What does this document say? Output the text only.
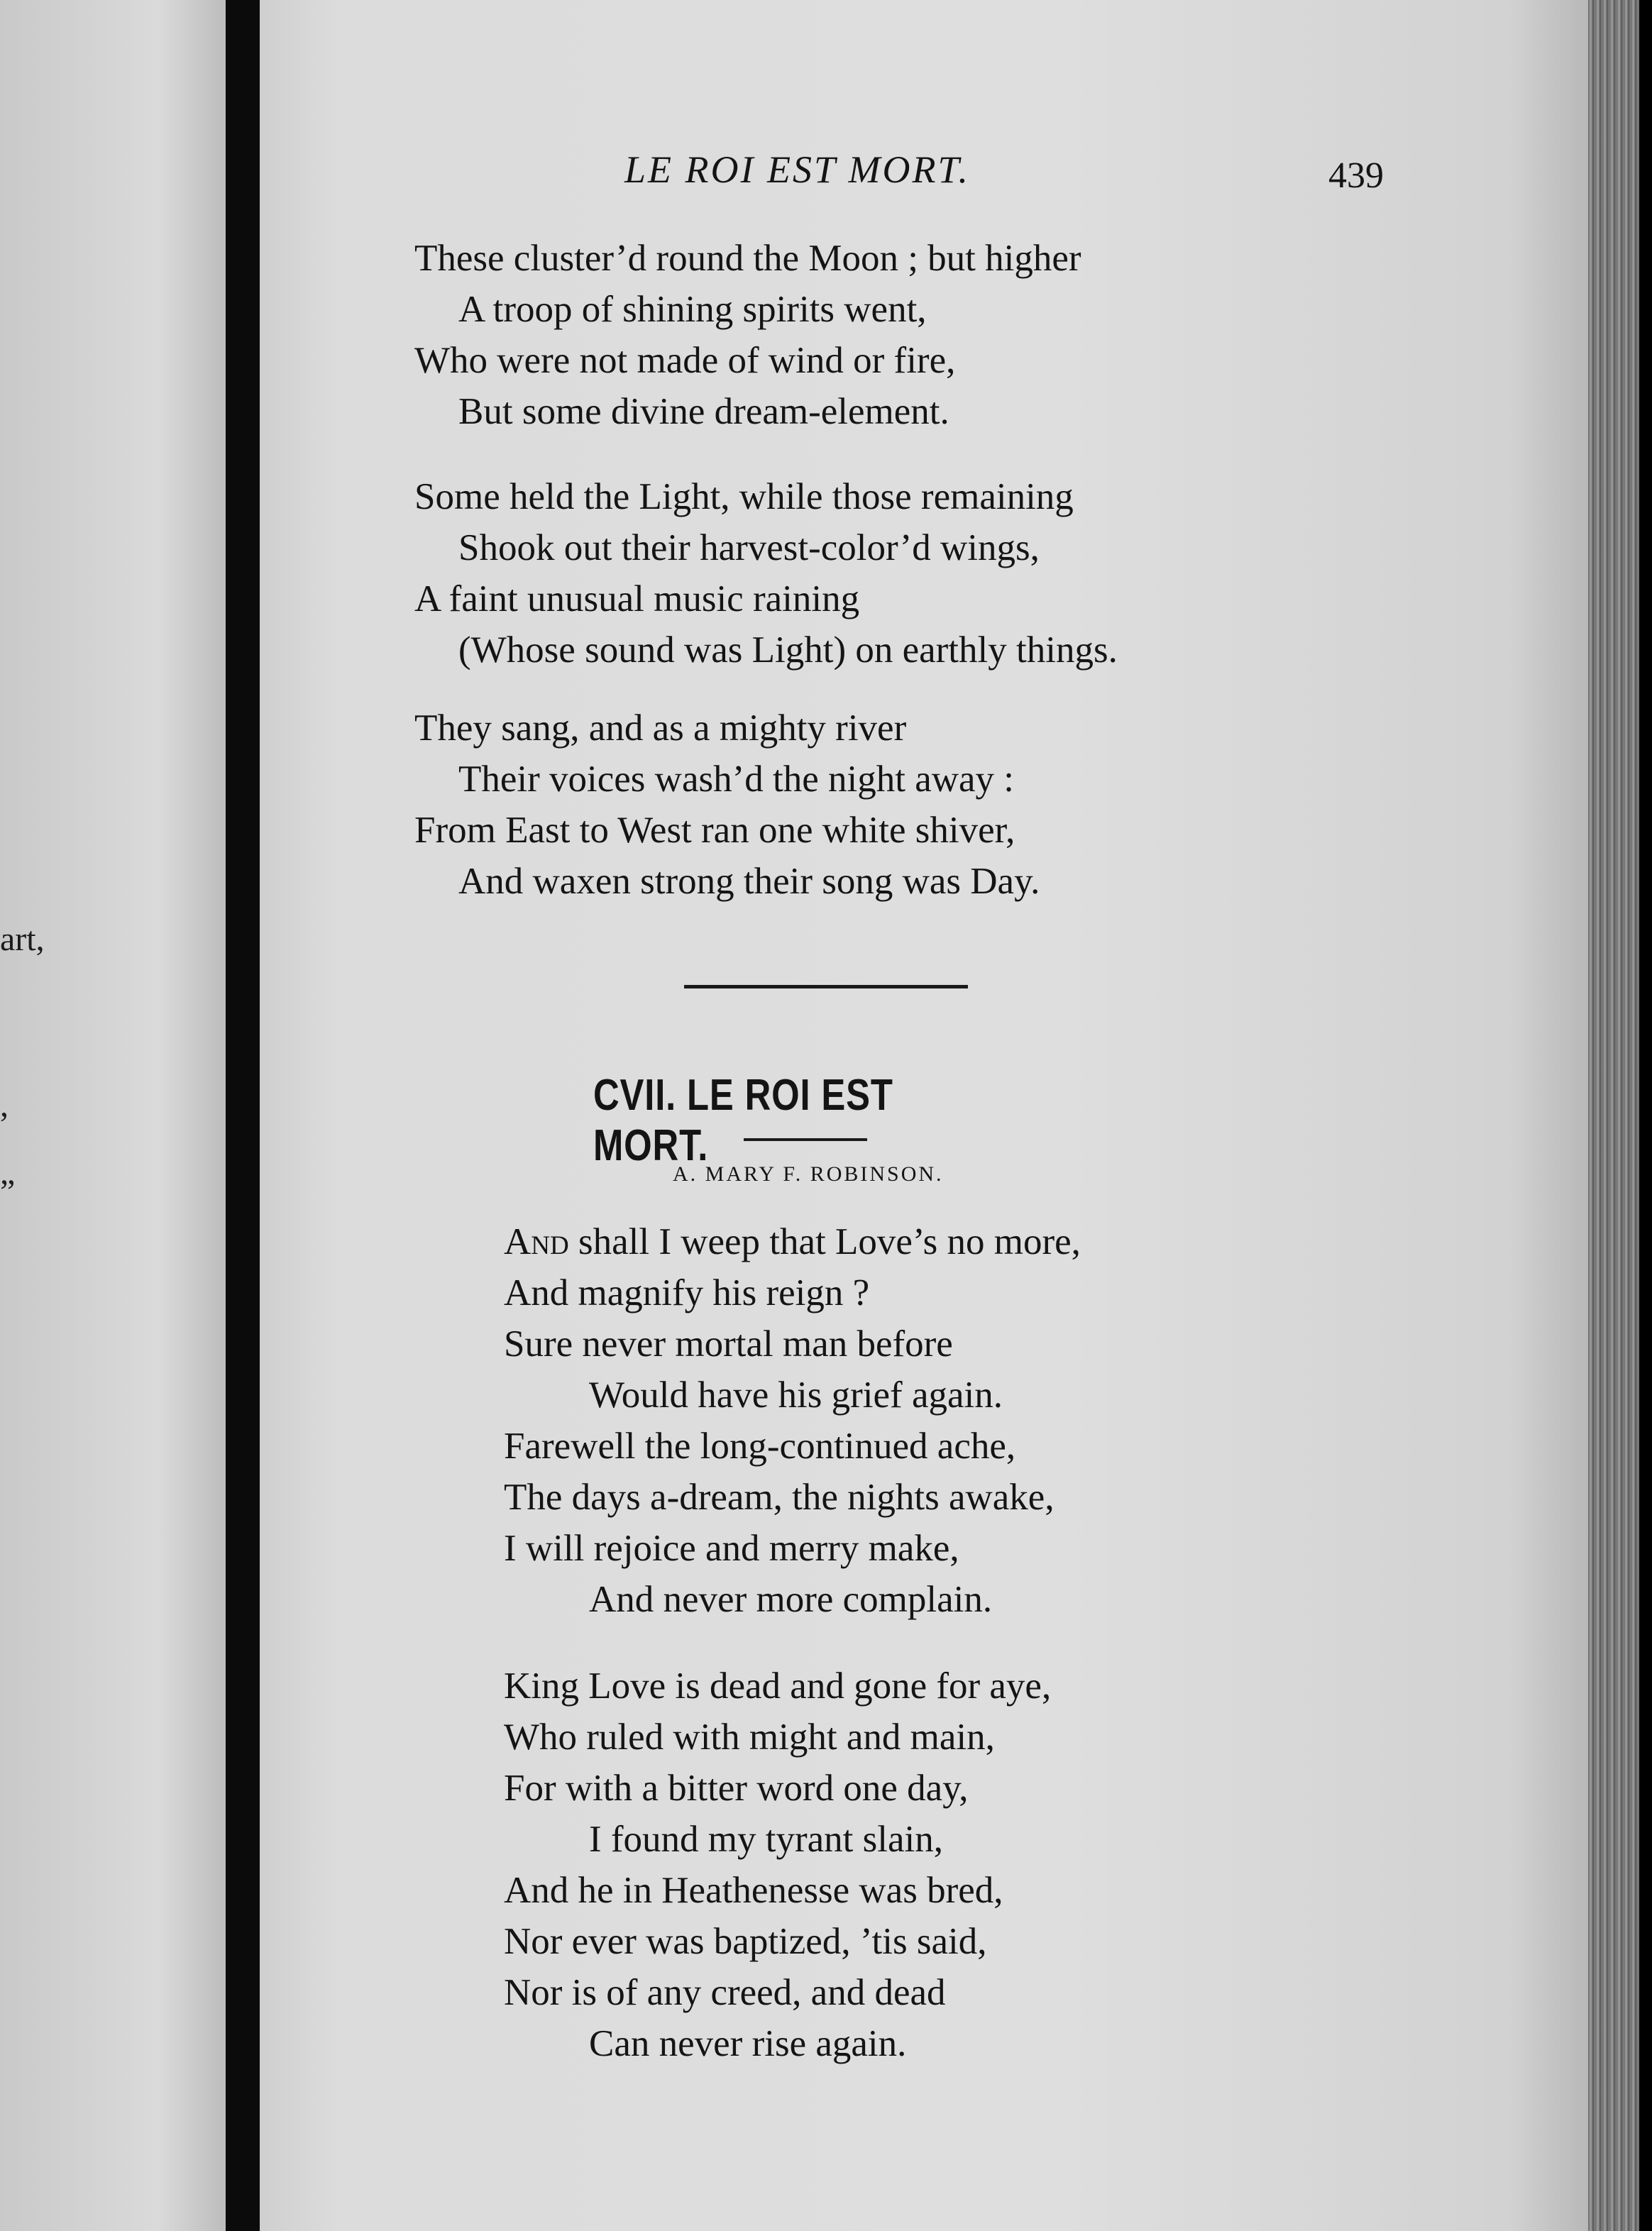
art,
,
”
LE ROI EST MORT.	439
These cluster’d round the Moon ; but higher
A troop of shining spirits went,
Who were not made of wind or fire,
But some divine dream-element.
Some held the Light, while those remaining
Shook out their harvest-color’d wings,
A faint unusual music raining
(Whose sound was Light) on earthly things.
They sang, and as a mighty river
Their voices wash’d the night away :
From East to West ran one white shiver,
And waxen strong their song was Day.
CVII. LE ROI EST MORT.
A. MARY F. ROBINSON.
And shall I weep that Love’s no more,
And magnify his reign ?
Sure never mortal man before
Would have his grief again.
Farewell the long-continued ache,
The days a-dream, the nights awake,
I will rejoice and merry make,
And never more complain.
King Love is dead and gone for aye,
Who ruled with might and main,
For with a bitter word one day,
I found my tyrant slain,
And he in Heathenesse was bred,
Nor ever was baptized, ’tis said,
Nor is of any creed, and dead
Can never rise again.
